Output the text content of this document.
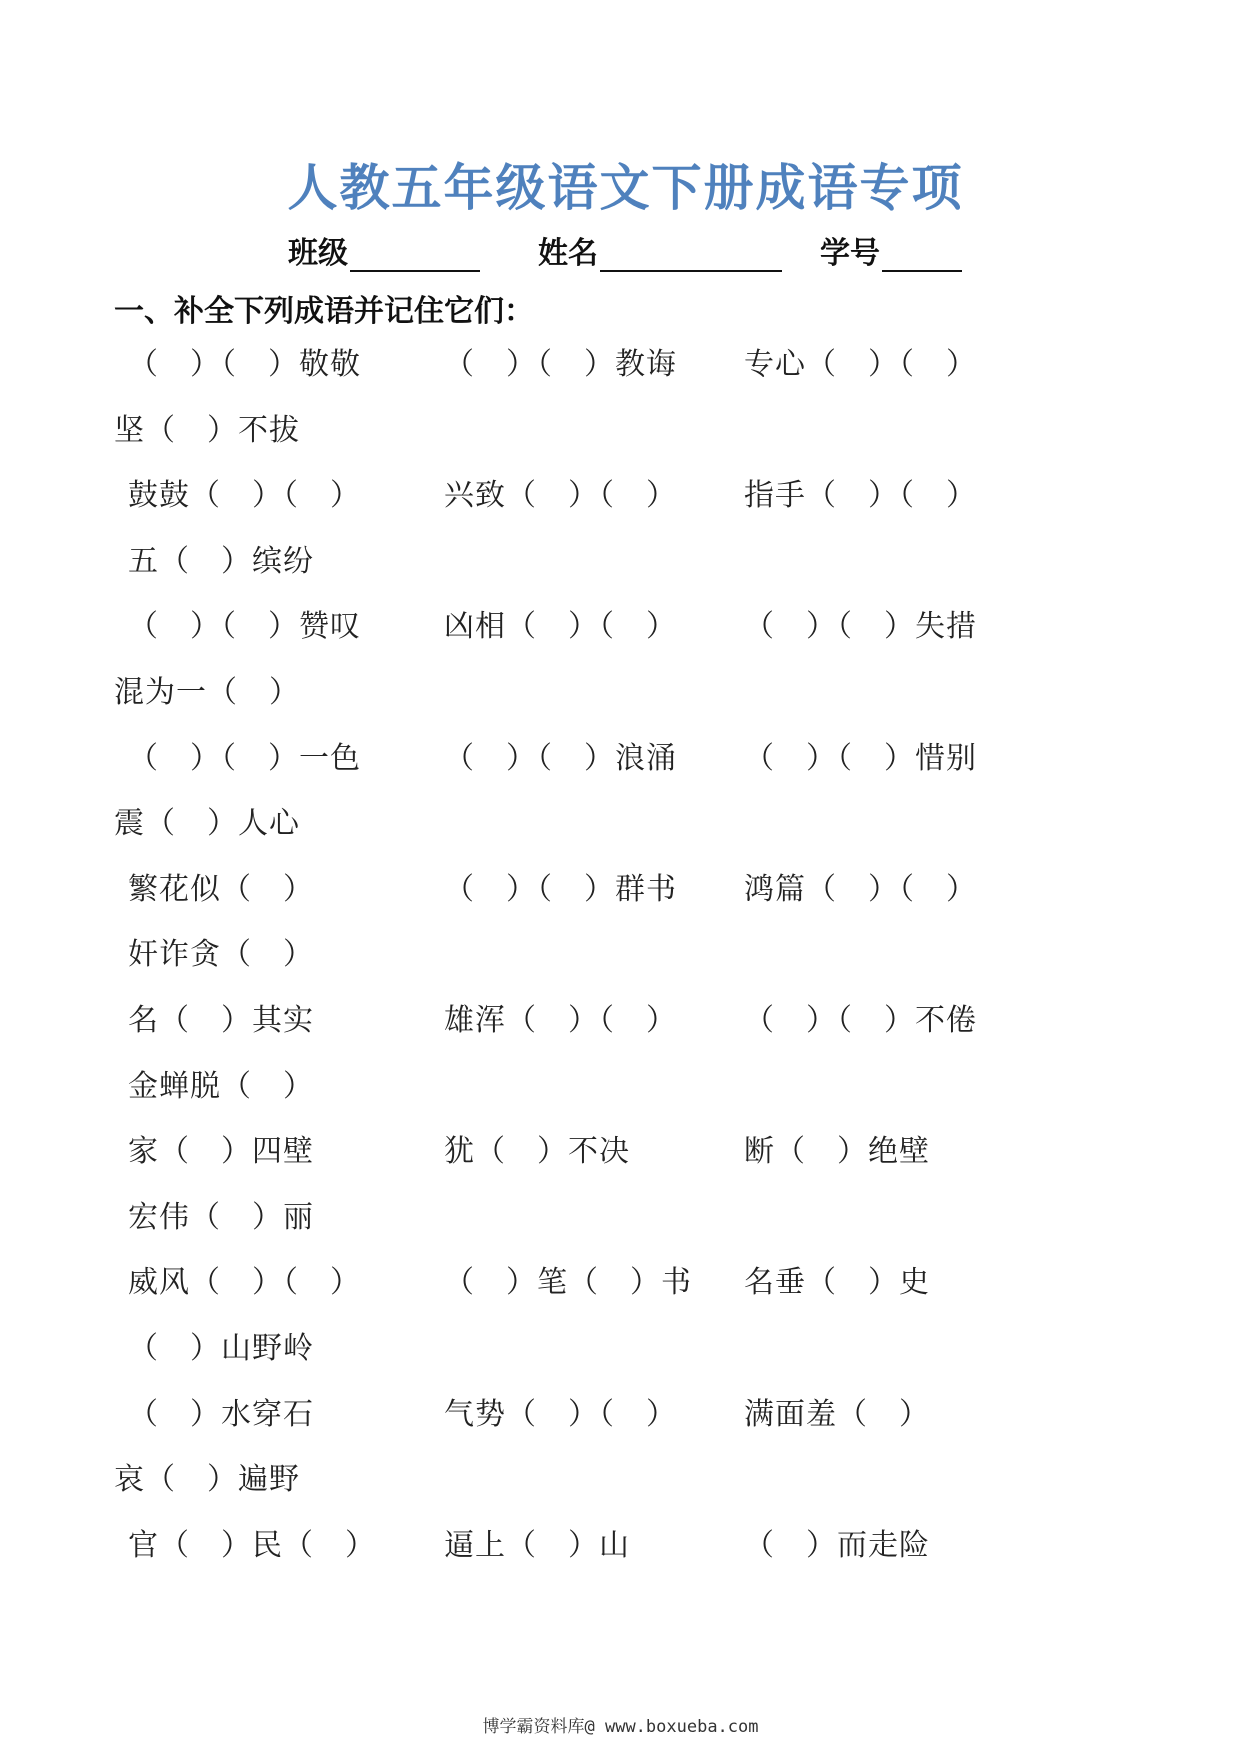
人教五年级语文下册成语专项
班级	姓名	学号
一、补全下列成语并记住它们：
（　）（　）敬敬	（　）（　）教诲 专心（　）（　）
坚（　）不拔
鼓鼓（　）（　）	兴致（　）（　） 指手（　）（　）
五（　）缤纷
（　）（　）赞叹	凶相（　）（　） （　）（　）失措
混为一（　）
（　）（　）一色	（　）（　）浪涌 （　）（　）惜别
震（　）人心
繁花似（　）	（　）（　）群书 鸿篇（　）（　）
奸诈贪（　）
名（　）其实	雄浑（　）（　） （　）（　）不倦
金蝉脱（　）
家（　）四壁	犹（　）不决	断（　）绝壁
宏伟（　）丽
威风（　）（　）	（　）笔（　）书 名垂（　）史
（　）山野岭
（　）水穿石	气势（　）（　） 满面羞（　）
哀（　）遍野
官（　）民（　） 逼上（　）山	（　）而走险
博学霸资料库@ www.boxueba.com
